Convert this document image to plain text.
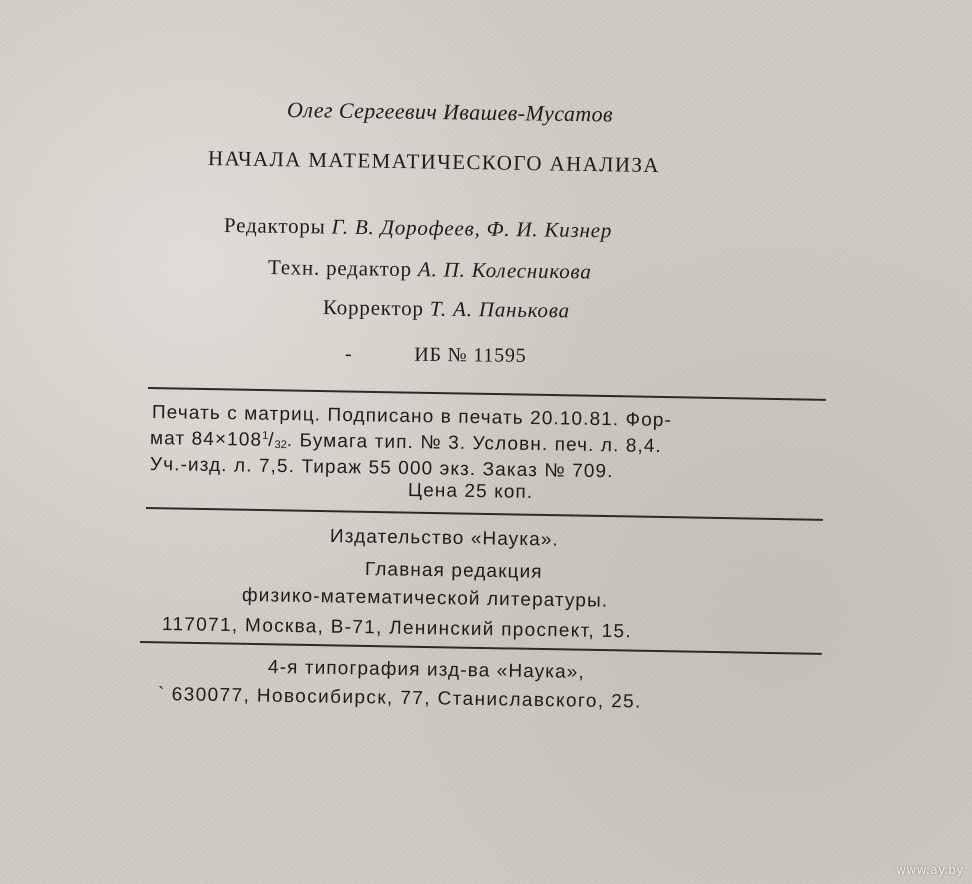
Олег Сергеевич Ивашев-Мусатов
НАЧАЛА МАТЕМАТИЧЕСКОГО АНАЛИЗА
Редакторы Г. В. Дорофеев, Ф. И. Кизнер
Техн. редактор А. П. Колесникова
Корректор Т. А. Панькова
-	ИБ № 11595
Печать с матриц. Подписано в печать 20.10.81. Фор-
мат $84\times 108^1/_{32}$. Бумага тип. № 3. Условн. печ. л. 8,4.
Уч.-изд. л. 7,5. Тираж 55 000 экз. Заказ № 709.
Цена 25 коп.
Издательство «Наука».
Главная редакция
физико-математической литературы.
117071, Москва, В-71, Ленинский проспект, 15.
4-я типография изд-ва «Наука»,
` 630077, Новосибирск, 77, Станиславского, 25.
www.ay.by
